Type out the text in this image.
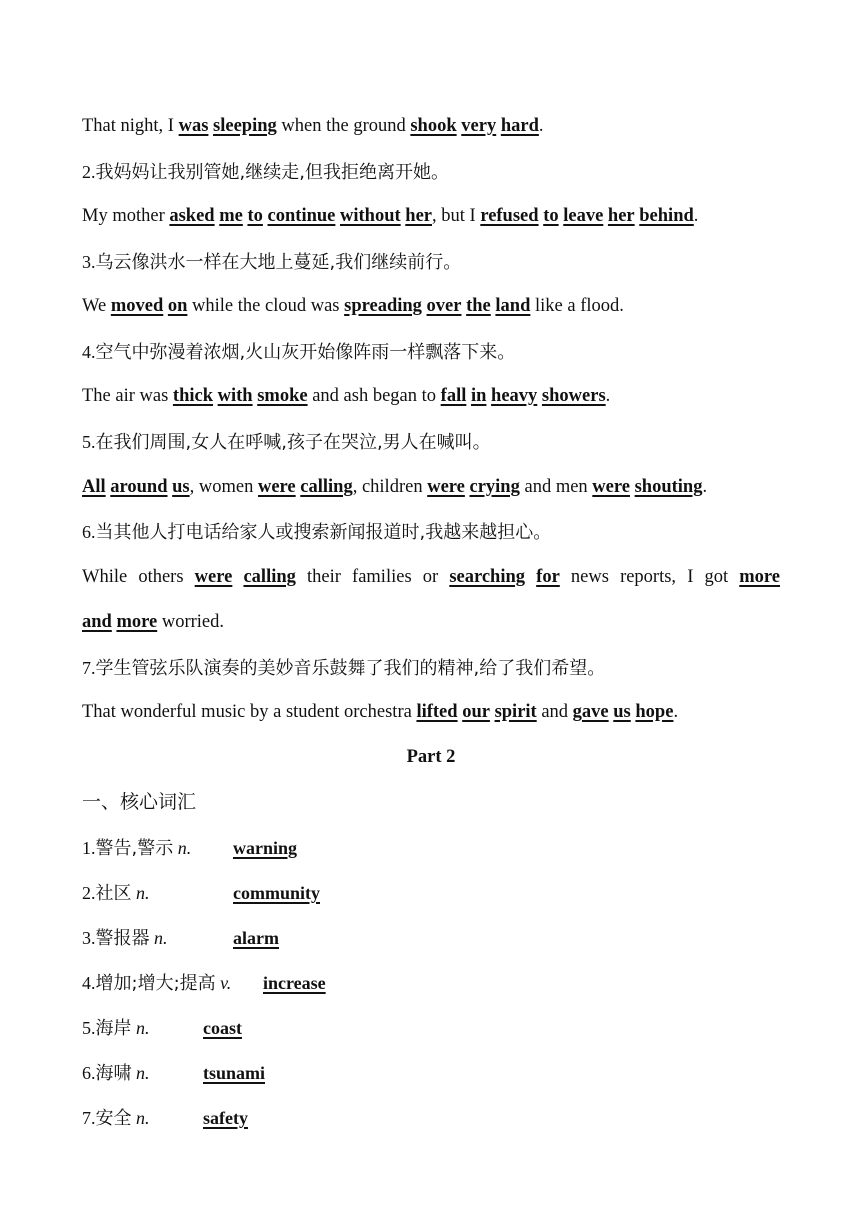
That night, I was sleeping when the ground shook very hard.
2.我妈妈让我别管她,继续走,但我拒绝离开她。
My mother asked me to continue without her, but I refused to leave her behind.
3.乌云像洪水一样在大地上蔓延,我们继续前行。
We moved on while the cloud was spreading over the land like a flood.
4.空气中弥漫着浓烟,火山灰开始像阵雨一样飘落下来。
The air was thick with smoke and ash began to fall in heavy showers.
5.在我们周围,女人在呼喊,孩子在哭泣,男人在喊叫。
All around us, women were calling, children were crying and men were shouting.
6.当其他人打电话给家人或搜索新闻报道时,我越来越担心。
While others were calling their families or searching for news reports, I got more
and more worried.
7.学生管弦乐队演奏的美妙音乐鼓舞了我们的精神,给了我们希望。
That wonderful music by a student orchestra lifted our spirit and gave us hope.
Part 2
一、核心词汇
1.警告,警示 n. warning
2.社区 n.	community
3.警报器 n.	alarm
4.增加;增大;提高 v. increase
5.海岸 n.	coast
6.海啸 n.	tsunami
7.安全 n.	safety
